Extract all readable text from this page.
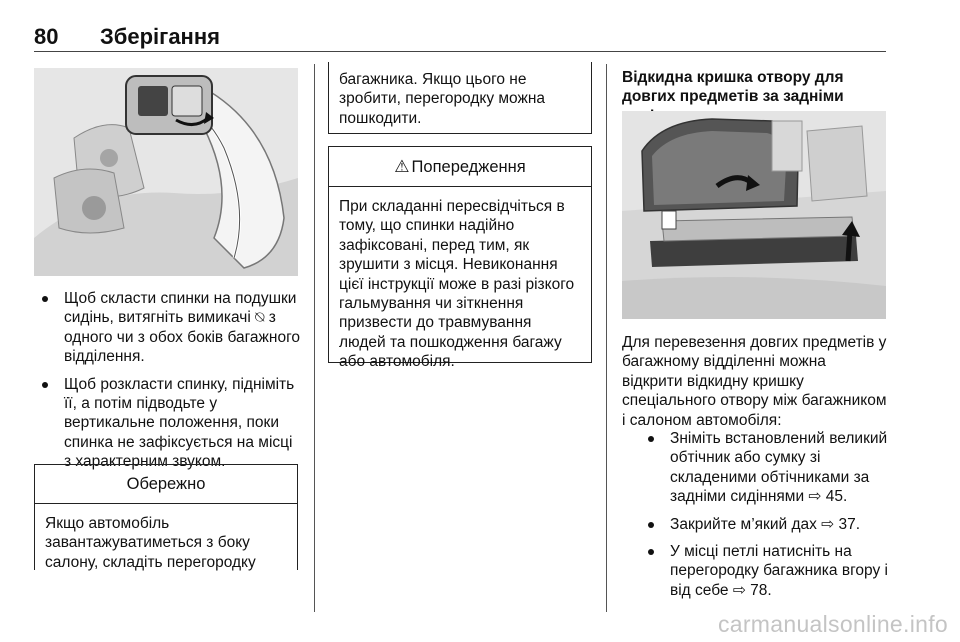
80 Зберігання
Щоб скласти спинки на подушки сидінь, витягніть вимикачі ⍉ з одного чи з обох боків багажного відділення.
Щоб розкласти спинку, підніміть її, а потім підводьте у вертикальне положення, поки спинка не зафіксується на місці з характерним звуком.
Обережно
Якщо автомобіль завантажуватиметься з боку салону, складіть перегородку
багажника. Якщо цього не зробити, перегородку можна пошкодити.
⚠ Попередження
При складанні пересвідчіться в тому, що спинки надійно зафіксовані, перед тим, як зрушити з місця. Невиконання цієї інструкції може в разі різкого гальмування чи зіткнення призвести до травмування людей та пошкодження багажу або автомобіля.
Відкидна кришка отвору для довгих предметів за задніми
Для перевезення довгих предметів у багажному відділенні можна відкрити відкидну кришку спеціального отвору між багажником і салоном автомобіля:
Зніміть встановлений великий обтічник або сумку зі складеними обтічниками за задніми сидіннями ⇨ 45.
Закрийте м’який дах ⇨ 37.
У місці петлі натисніть на перегородку багажника вгору і від себе ⇨ 78.
carmanualsonline.info
